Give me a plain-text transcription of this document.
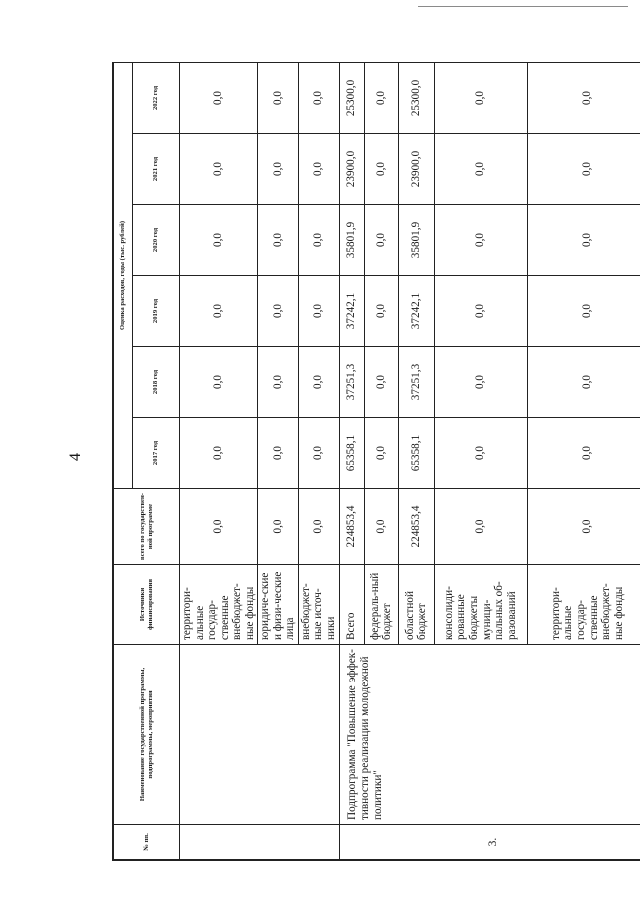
4
№ пп.	Наименование государственной программы, подпрограммы, мероприятия	Источники финансирования	всего по государствен-ной программе	Оценка расходов, годы (тыс. рублей)					
				2017 год	2018 год	2019 год	2020 год	2021 год	2022 год
		территори-альные государ-ственные внебюджет-ные фонды	0,0	0,0	0,0	0,0	0,0	0,0	0,0
		юридиче-ские и физи-ческие лица	0,0	0,0	0,0	0,0	0,0	0,0	0,0
		внебюджет-ные источ-ники	0,0	0,0	0,0	0,0	0,0	0,0	0,0
3.	Подпрограмма "Повышение эффек-тивности реализации молодежной политики"	Всего	224853,4	65358,1	37251,3	37242,1	35801,9	23900,0	25300,0
		федераль-ный бюджет	0,0	0,0	0,0	0,0	0,0	0,0	0,0
		областной бюджет	224853,4	65358,1	37251,3	37242,1	35801,9	23900,0	25300,0
		консолиди-рованные бюджеты муници-пальных об-разований	0,0	0,0	0,0	0,0	0,0	0,0	0,0
		территори-альные государ-ственные внебюджет-ные фонды	0,0	0,0	0,0	0,0	0,0	0,0	0,0
